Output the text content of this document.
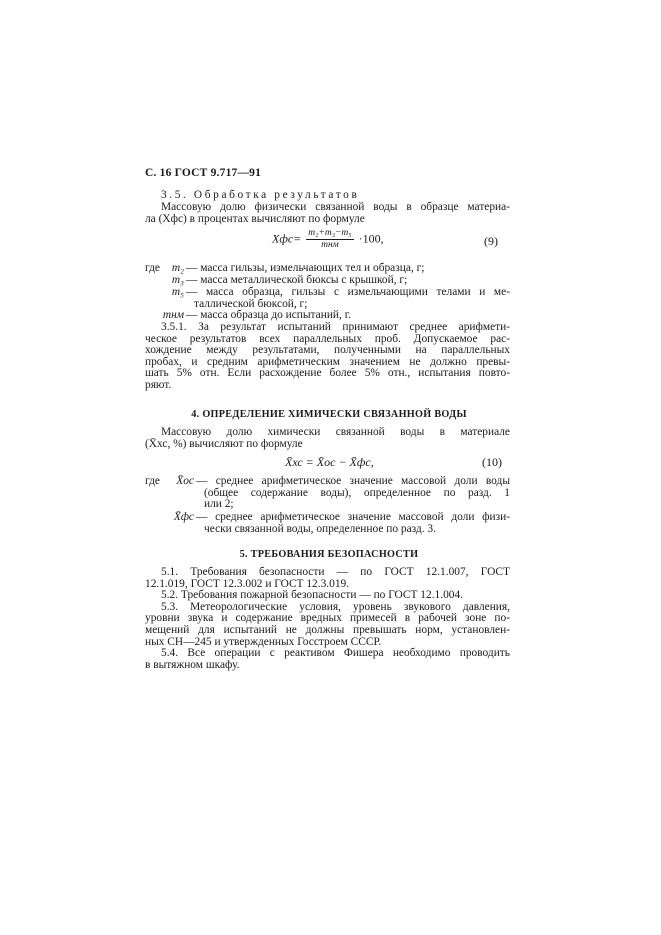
С. 16 ГОСТ 9.717—91
3.5. Обработка результатов
Массовую долю физически связанной воды в образце материа-
ла (Xфс) в процентах вычисляют по формуле
$Xфс= \frac{\text{m₂+m₃−m₅}}{\text{mнм}} \cdot 100$,	(9)
где	m₂ — масса гильзы, измельчающих тел и образца, г;
m₃ — масса металлической бюксы с крышкой, г;
m₅ — масса образца, гильзы с измельчающими телами и ме-
таллической бюксой, г;
mнм — масса образца до испытаний, г.
3.5.1. За результат испытаний принимают среднее арифмети-
ческое результатов всех параллельных проб. Допускаемое рас-
хождение между результатами, полученными на параллельных
пробах, и средним арифметическим значением не должно превы-
шать 5% отн. Если расхождение более 5% отн., испытания повто-
ряют.
4. ОПРЕДЕЛЕНИЕ ХИМИЧЕСКИ СВЯЗАННОЙ ВОДЫ
Массовую долю химически связанной воды в материале
(X̄хс, %) вычисляют по формуле
X̄хс = X̄ос − X̄фс,	(10)
где	X̄ос — среднее арифметическое значение массовой доли воды
(общее содержание воды), определенное по разд. 1
или 2;
X̄фс — среднее арифметическое значение массовой доли физи-
чески связанной воды, определенное по разд. 3.
5. ТРЕБОВАНИЯ БЕЗОПАСНОСТИ
5.1. Требования безопасности — по ГОСТ 12.1.007, ГОСТ
12.1.019, ГОСТ 12.3.002 и ГОСТ 12.3.019.
5.2. Требования пожарной безопасности — по ГОСТ 12.1.004.
5.3. Метеорологические условия, уровень звукового давления,
уровни звука и содержание вредных примесей в рабочей зоне по-
мещений для испытаний не должны превышать норм, установлен-
ных СН—245 и утвержденных Госстроем СССР.
5.4. Все операции с реактивом Фишера необходимо проводить
в вытяжном шкафу.
